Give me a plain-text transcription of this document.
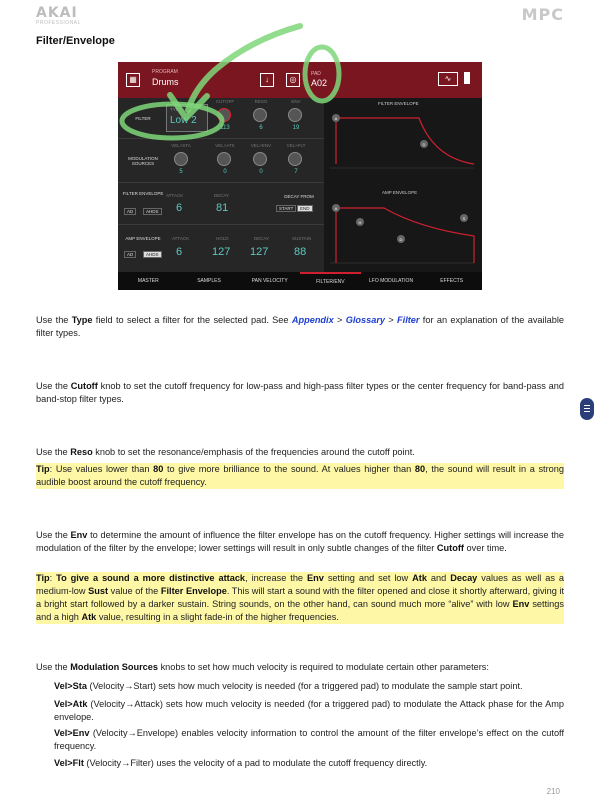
AKAI
PROFESSIONAL	MPC
Filter/Envelope
▦
PROGRAM
Drums	↓	◎
PAD
A02	∿
FILTER
TYPE
Low 2
CUTOFF
113
RESO
6
ENV
19
MODULATION SOURCES
VEL>STA
5
VEL>ATK
0
VEL>ENV
0
VEL>FLT
7
FILTER ENVELOPE
AD	AHDS
ATTACK
6
DECAY
81
DECAY FROM
START	END
AMP ENVELOPE
AD	AHDS
ATTACK
6
HOLD
127
DECAY
127
SUSTAIN
88
FILTER ENVELOPE
AMP ENVELOPE
A
D
A
H
D
S
MASTER	SAMPLES	PAN VELOCITY	FILTER/ENV	LFO MODULATION	EFFECTS
Use the Type field to select a filter for the selected pad. See Appendix > Glossary > Filter for an explanation of the available filter types.
Use the Cutoff knob to set the cutoff frequency for low-pass and high-pass filter types or the center frequency for band-pass and band-stop filter types.
Use the Reso knob to set the resonance/emphasis of the frequencies around the cutoff point.
Tip: Use values lower than 80 to give more brilliance to the sound. At values higher than 80, the sound will result in a strong audible boost around the cutoff frequency.
Use the Env to determine the amount of influence the filter envelope has on the cutoff frequency. Higher settings will increase the modulation of the filter by the envelope; lower settings will result in only subtle changes of the filter Cutoff over time.
Tip: To give a sound a more distinctive attack, increase the Env setting and set low Atk and Decay values as well as a medium-low Sust value of the Filter Envelope. This will start a sound with the filter opened and close it shortly afterward, giving it a bright start followed by a darker sustain. String sounds, on the other hand, can sound much more “alive” with low Env settings and a high Atk value, resulting in a slight fade-in of the higher frequencies.
Use the Modulation Sources knobs to set how much velocity is required to modulate certain other parameters:
Vel>Sta (Velocity→Start) sets how much velocity is needed (for a triggered pad) to modulate the sample start point.
Vel>Atk (Velocity→Attack) sets how much velocity is needed (for a triggered pad) to modulate the Attack phase for the Amp envelope.
Vel>Env (Velocity→Envelope) enables velocity information to control the amount of the filter envelope’s effect on the cutoff frequency.
Vel>Flt (Velocity→Filter) uses the velocity of a pad to modulate the cutoff frequency directly.
210
